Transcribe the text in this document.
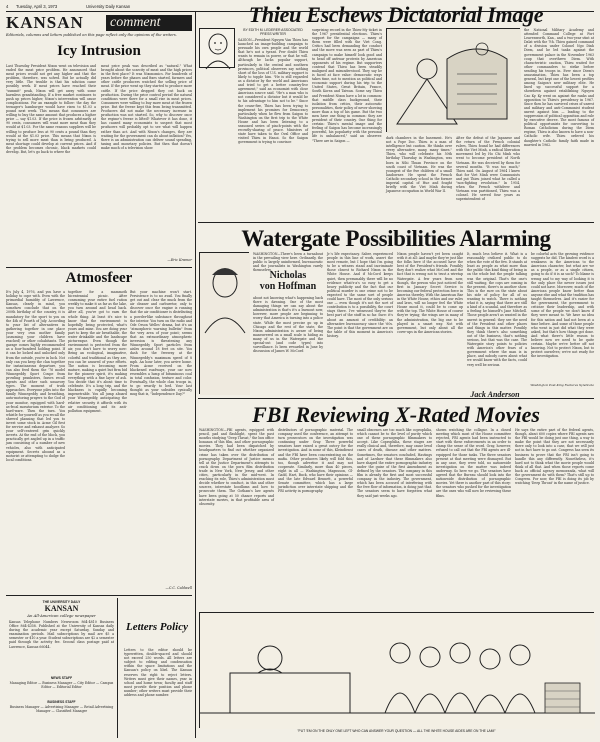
4 Tuesday, April 3, 1973	University Daily Kansan
KANSAN comment
Editorials, columns and letters published on this page reflect only the opinions of the writers.
Icy Intrusion
Last Thursday President Nixon went on television and ended the meat price problem. He announced that meat prices would not get any higher and that the problem, therefore, was solved. But he actually did very little. The trouble is that his solution came possibly week. If meat prices have reached their "summit" peak, Nixon will get away with some harmless grandstanding. If a free market continues to push up prices higher, Nixon's intervention will cause complications. For an example to follow: the day the teenager's hamburger would have risen to $1.03 a pound next week. This means that consumers are willing to buy the same amount that produces a higher price — say $1.03. If the price is frozen arbitrarily at 90 cents, consumers will want more meat than they would at $1.03. For the same reasons suppliers will be willing to produce less at 90 cents a pound than they would at the $1.03 price. This means that Nixon is trying to sell more meat than is being produced. A meat shortage could develop at current prices. And if the problem becomes chronic, black markets could develop. But, let's go back to where the
meat price peak was described as "natural." What brought about the scarcity of meat and the high prices in the first place? It was Nixonomics. For hundreds of years before the phases and fixes started, farmers and other cattle producers watched the selling price of meat. If the price went up they started to produce more cattle. If the price dropped they cut back on production. During the price control period the natural conditions were there for a small rise in meat prices. Consumers were willing to buy more meat at the frozen price. But the freeze kept this from being transmitted. Producers did not make the necessary increase in production was not started. So, why to discover once the regime's freeze is lifted? Whatever it has done, it has caused many economists to suspect that most producers will probably opt to see what will happen rather than act. And with Nixon's changes, they are waiting for the government can do about inflation? Yes, there is an administration can deliver sound spending, taxing and monetary policies. But then that doesn't make much of a television show.
—Eric Kramer
Atmosfeer
It's July 4, 1976, and you have a holiday to cope with. Even with the primordial humidity of Lawrence, Kansas, clearly in mind, you somehow conclude that on the 200th birthday of the country, it is mandatory for the sport to you on the 4th of Fourth of July. According to your list of alternatives in gathering together in one place your very own mother family (assuming your children have reached) or other cohabitants. The garage comes highly recommended as a four-hundred holding point. If it can be locked and unlocked only from the outside, you're in luck. Not only can you keep the clan together for instantaneous departure, you can also feed them the '76 model Winnegeddy Sport Coupe from prowling pranksters, favors recall agents and other such unsavory types. The moment of truth approaches. Everyone piles into the family Winnegeddy and breathing, auto-motoring prayers to the God of your monitor, equipped with hard-as-fecal moratorium exterior. To the hard-ware. Then the turn. You whistle for yourself as you recall the shrewd planning that led you to invest some stock in Acme Gil first for service and exhaust analyzer. So your self-centered grin quickly inverts. At the end of the block, you practically get angled up in a traffic jam consisting of a number of new vehicles, also with anticipated equipment. Secrets abound as a motorist or attempting to dodge the local conditions.
together for a mammoth bicentennial picnic. After consuming your entire fuel ration weekly to make it as far as the lake, you turn around and head back. After all, you've got to earn the whole thing. At least it's nice to know that the environment is hopefully being protected, what's yours and mine. You are doing your part to keep the air breathable, the water drinkable and the landscape picturesque. Even though the environment is protected from the air, you don't have to worry now: Being an ecological, imaginative, colorful and traditional as they are, you can be assured of your efforts. The nation is becoming more mature, making a quiet but firm bid for the pioneer spirit, it's making everything with a fine layer of ash. You decide that it's about time to celebrate. It's a long trip, and the blackness is rapidly becoming impenetrable. You all jump aboard your Winnegeddy, anticipating the relative security it affords with its air conditioning and its anti-pollution equipment.
But your machine won't start. Persistence is to no avail. You finally get out and clear the muck from the air cleaner and carburetor, only to discover once the engine is running that the air conditioner is distributing a powder-like substance throughout the interior. You turn on the radio and Ode Orson Welles' drama, but it's an "atmospheric warning bulletin" from the very area of your point; seems that an extraordinary atmospheric inversion is threatening any Winnegeddy Sport particles from aisles around 18 feet on site. You dash for the freeway at the Winnegeddy's maximum speed of 8 mph. An hour later, you arrive home. From Acme received on the blackened roadways, your car now resembles a lump of bituminous coal in total confusion, texture and color. Eventually, the whole clan troops in, to go wearily to bed. Your last thought as your subsides cynically mug that is, "Independence Day?"
—C.C. Caldwell
THE UNIVERSITY DAILY
KANSAN
An All-American college newspaper
Kansas Telephone Numbers Newsroom 864-4810 Business Office 864-4358. Published at the University of Kansas daily during the academic year except Saturday, Sunday and examination periods. Mail subscriptions by mail are $5 a semester or $10 a year. Student subscriptions are $2 a semester paid through the activity fee. Second class postage paid at Lawrence, Kansas 66044.
NEWS STAFF
Managing Editor — Business Manager — City Editor — Campus Editor — Editorial Editor
BUSINESS STAFF
Business Manager — Advertising Manager — Retail Advertising Manager — Classified Manager
Letters Policy
Letters to the editor should be typewritten, double-spaced and should not exceed 250 words. All letters are subject to editing and condensation within the space limitations and the Kansan's policy on libel. The Kansan reserves the right to reject letters. Writers must give their names, year in school and home town; faculty and staff must provide their position and phone number; other writers must provide their address and phone number.
Thieu Eschews Dictatorial Image
BY EDITH M. LEDERER ASSOCIATED PRESS WRITER
SAIGON—President Nguyen Van Thieu has launched an image-building campaign to persuade his own people and the world that he's not a tyrant. Few doubt Thieu wants to remain in power, or that he will. Although he lacks popular support, particularly in the central and southern provinces, political observers say nothing short of the loss of U.S. military support is likely to topple him. "He is still regarded as a dictator by the world and Americans and tried to get a better country-live agreement," said an economist with close American source said. "He's a man who is not considered a dictator but it would be to his advantage to him not to be." Since the cease-fire, Thieu has been trying to implement his promises for Democracy particularly when he flew from Saigon to Washington on the first trip to the White House and has been listening to a seasoned series of pinch-points with the recently-sharing of peace. Ministers of state have taken to the Oval Office and visited Thieu in Hanoi. So the Saigon government is trying to convince
surprising record in the Thieu-My ticket in the 1967 presidential elections. Thieu's support for the campaigns — many of them were filled with the Viet Cong. Critics had been demanding the conduct and the move was seen as part of Thieu's campaign to make himself look good and to head off antiwar protests by American opponents of his regime. But supporters contend that Thieu has been steadily maligned and misunderstood. They say he is faced at face value: democratic ways takes time, not to mention as political and economic support during his trip to the United States, Great Britain, France, South Korea and Taiwan. Some say Thieu and President Nixon have a lot in common: that middle class background, their isolation from critics, their autocratic personalities, their policy of never showing more than a top of his game. But the two men have one thing in common: they are president of their country. One thing for certain: Thieu's mental image and the feeling of Saigon has become increasingly powerful, his popularity with the personal life is unbalanced," said an observer. "There are in Saigon —
dark chambers in the basement. He's not a Pope Doc. Thieu is a man of intelligence but caution. He thinks over every alternative, many, many times." Thieu, who will celebrate his 50th birthday Thursday in Washington, was born in Nihi Thuan Province on the south coast of Vietnam. He was the youngest of the five children of a small landowner. He spent the French Catholic secondary school in the former imperial capital of Hue and fought briefly with the Viet Minh during Japanese occupation in World War II.
After the defeat of the Japanese and the return of the French colonial rulers, Thieu found he had differences with the Viet Minh, a radical liberation movement led by Ho Chi Minh who went to become president of North Vietnam. He was deceived by them for several months. "It was too much," Thieu said. On August of 1964 I knew that for Viet Minh were Communists and put Thieu joined what he called a "non-fighting revolution." In 1954, when the French withdrew and Vietnam was partitioned, Thieu was a colonel. He served four years as superintendent of
the National Military Academy and attended Command College at Fort Leavenworth, Kan., and a two-year stint at Dalat with the 7th. Thieu gained command of a division under Colonel Ngo Dinh Diem, and he led tanks against the government palace in the November 1963 coup that overthrew Diem. With characteristic caution, Thieu waited for other commanders to strike before sending his troops in. Ever since Diem's assassination, Thieu has been a top general, but kept one of the lowest profiles among Saigon's new military elite. He lined up successful support for a showdown against establishing Nguyen Cao Ky. Ky went on against the ranks and opposition to Thieu's presidency in 1967. Since then he has survived crises of unrest and military and anti-Communist student unrest against him — leading to the suppression of political opposition and rule by executive decree. The most famous of political opportunists for converting to Roman Catholicism during the Diem regime, Thieu is also known to have a non-Catholic wife. Thieu ordered his daughter's Catholic family faith made in married in 1962.
Watergate Possibilities Alarming
WASHINGTON—There's been a turnabout in the prevailing view here. Ordinarily, the public is largely uninformed, bureaucratic and the journalists in Washington rarely themselves.
Nicholas
von Hoffman
about not knowing what's happening back there is dawning. One of the most damaging things we can say about the administration is that's it's a burnout now, however, more people are beginning to worry that America is turning into a police state. While the most precise go up in Chicago and the rest of the state, the Nixon administration is aware of being maneuvered on a small scale is hiding as many of us in the Watergate and the special-out (and code types) into surveillance. Is been rewarded in June by discussion of James W. McCord
Jr.'s life expectancy. Saber, experienced people in this line of work, assert the most remote, but I hope that I'm going to be a witness stand and incriminate those closest to Richard Nixon in the White House. And if McCord keeps quiet, then presumably there will be no evidence what's-a's so easy to get a heavy publicity and the fact that our political murder is one crime not to be expected to the same sort of people could have. The most of the only serious one — even though it's not the sort of contribution is to a possibility, the court stays there. I've witnessed they're the best part of the stuff in so far. Sure: it's about an amount of credibility: an alternative bureaucracy since the '60s. The point is that the government are on the table of this moment in America's history.
Nixon people haven't yet been caught with it at all: And maybe they're just like the folks here if the accused have the best of the President's friends. Possibly they don't realize what McCord and the fact that is wrong not to trust a wiretap Watergate. A few years from now, though, the person who just noticed the first in January Secret Service is becoming our federal protection force in America thereby. With the American Bar in the White House, ethics and our rules and laws, will no longer feel the White House mood it, could be to come up with the top. The White House of course they're trying; the wings are in many of the administration, the big one to be played in a smart way. Not with government, but only about all the cover-ups in the American stories.
It, much less believe it. What is a reasonably civilized public to do when the vote of the few. It stands at least as people as what more than the public this kind thing of being in on the whole but the people talking was the original. That's the one's still waiting, the cops are coming in the present, there's in another show. This is the sure on the state about his side of policy for all of us wanting to watch. There is nothing what it is, saying that there are still a kind of a scandal, and therefore as a feeling he himself's Jane Mitchell. Those people aren't as wanted in the unrest in general: they see the need of the President and other places and things in this matter. Possibly they think there's also something out of the business, that's nothing serious, but that was the case. The Watergate story points to policies with America's other fears of a government where the man is in place, and nobody cares about what we would know with the facts, could very well be serious.
be colorful acts the growing evidence suggests he did. The kindest word is a weakness in the American to the American character, but what are we as a people, or as a single citizen, going to do if it is as such? To blame is wrong and to my way of looking it is the only place the newer issues just could not have. Moreover, much of the American people know better than anyone else and what the tradition has taught themselves. And it's easier for the government, the government to criticize their leadership, and with some of the people we don't know if they were meant to. We have no idea for this nation and had not been at a time before. And some of those people who went in just did what they were asked, but that's how things got done. And what there's little reason to believe now we need to be quite certain. Maybe we're better off not knowing. Not to protect Nixon, but to protect ourselves; we're not ready for the investigation.
Washington Post-King Features Syndicate
Jack Anderson
FBI Reviewing X-Rated Movies
WASHINGTON—FBI agents, equipped with pencil, pad and flashlight, spent the past months studying "Deep Throat," the box office bonanza of this film, and other pornographic movies. They had been dispatched by headquarters to find out whether organized crime has taken over the distribution of pornography. Department of Justice memos tell at the Justice Department's attempts to crack down on the porn film distribution trade in New York, New Jersey, and other cities, particularly in the mid-west. In reaching its role, Thieu's administration must decide whether to conduct, in this and other sources, interstate hoodlums and how to prosecute them. The Gotham's law agents have been going at 50 chance reports and interstate movies, in that profitable area of obscenity.
distributors of pornographic material. The company used the conference, an attempt to turn prosecutors on the investigation was continuing under Gray. Three powerful senators have raised a great outcry for the investigation. And in some of this, Kleindienst and the FBI have been concentrating on the mafia. Other producers likely will fold this, too, though advertise it and may not cooperate. Similarly, more than 40 pieces, eight in all — Washington, Magnuson, Gl-Gadd, Hart, Buck, who have their opinions — and the late Edward Bennett, a powerful Senate committee, which has a large jurisdiction over interstate shipping and the FBI activity in pornography.
small obscenes are too much like coprophilia, which cannot be to the level of purity which one of these pornographic filmmakers to accept. Like Coprophilia, these stages are really clinical and, therefore, may cause lewd cases of death, disease and other matters. Sometimes, the senators concluded, Hastings and of Lardner that these filmmakers also have shaped the entire pornographic industry under the guise of the first Amendment as defined by the senators. The company in this film is already the first and most successful company in the industry. The government, which has been accused of interfering with the free flow of information, is doing just that. The senators seem to have forgotten what they said just weeks ago.
shown watching the collapse. In a closed meeting which most of the House committee rejected, FBI agents had been instructed to start with these enforcements in an order to clamp the sense of the word. Gray, however, refused to call out that the FBI agents are ill-equipped for those tasks. The three senators present at that meeting were dismayed. But in any case, they were told, no nationwide investigation on the matter was indeed underway. So here we go. The senators have agreed that the Bureau should look into the nationwide distribution of pornographic movies. Yet there is another part of this story: the senators who pushed for the investigation are the ones who will now be reviewing these films.
He says the entire part of the federal agents, though, about 600 copies where FBI agents saw the FBI would be doing just one thing, a way to make the point that they are not necessarily there only to look into a case, that we will just not in fact have to go out. Congress has seen its business to prove that the FBI isn't going to handle this any differently. Nonetheless, it's hard not to think what the movie people would think of all that. And when those reports come back as official agency memoranda, what will the government do with them? That's still up to Congress. For now, the FBI is doing its job by watching 'Deep Throat' in the name of justice.
"PUT 'EM ON THE ONLY ONE LEFT WHO CAN ANSWER YOUR QUESTION — ALL THE WHITE HOUSE AIDES ARE ON THE LAM!"
